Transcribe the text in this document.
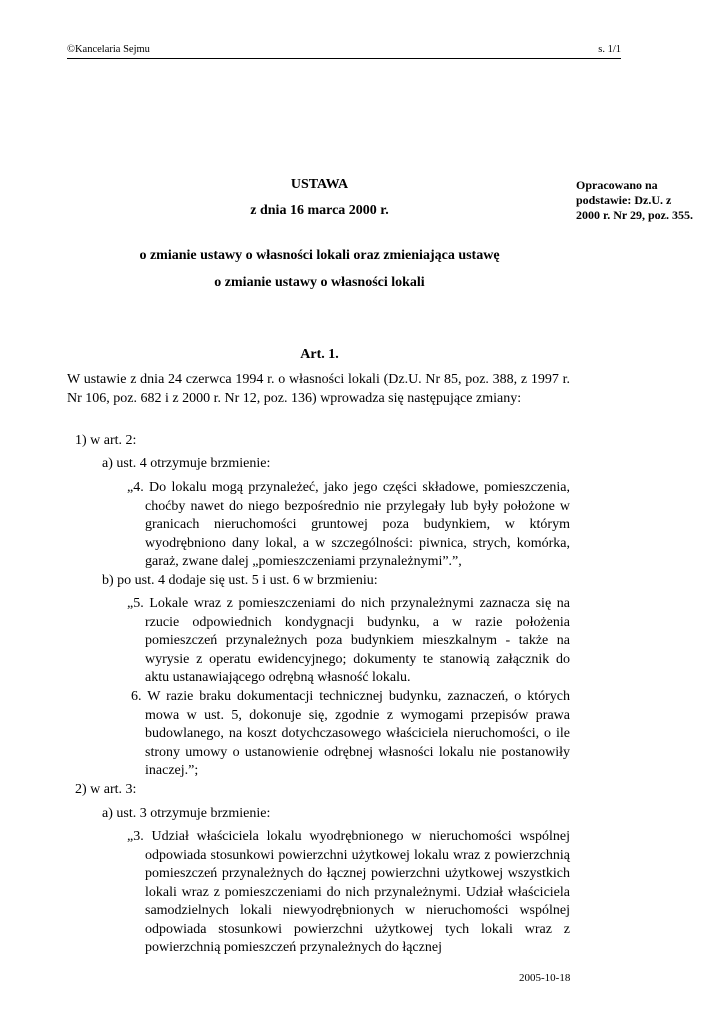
©Kancelaria Sejmu	s. 1/1
Opracowano na podstawie: Dz.U. z 2000 r. Nr 29, poz. 355.
USTAWA
z dnia 16 marca 2000 r.
o zmianie ustawy o własności lokali oraz zmieniająca ustawę
o zmianie ustawy o własności lokali
Art. 1.
W ustawie z dnia 24 czerwca 1994 r. o własności lokali (Dz.U. Nr 85, poz. 388, z 1997 r. Nr 106, poz. 682 i z 2000 r. Nr 12, poz. 136) wprowadza się następujące zmiany:
1) w art. 2:
a) ust. 4 otrzymuje brzmienie:
„4. Do lokalu mogą przynależeć, jako jego części składowe, pomieszczenia, choćby nawet do niego bezpośrednio nie przylegały lub były położone w granicach nieruchomości gruntowej poza budynkiem, w którym wyodrębniono dany lokal, a w szczególności: piwnica, strych, komórka, garaż, zwane dalej „pomieszczeniami przynależnymi”.”,
b) po ust. 4 dodaje się ust. 5 i ust. 6 w brzmieniu:
„5. Lokale wraz z pomieszczeniami do nich przynależnymi zaznacza się na rzucie odpowiednich kondygnacji budynku, a w razie położenia pomieszczeń przynależnych poza budynkiem mieszkalnym - także na wyrysie z operatu ewidencyjnego; dokumenty te stanowią załącznik do aktu ustanawiającego odrębną własność lokalu.
6. W razie braku dokumentacji technicznej budynku, zaznaczeń, o których mowa w ust. 5, dokonuje się, zgodnie z wymogami przepisów prawa budowlanego, na koszt dotychczasowego właściciela nieruchomości, o ile strony umowy o ustanowienie odrębnej własności lokalu nie postanowiły inaczej.”;
2) w art. 3:
a) ust. 3 otrzymuje brzmienie:
„3. Udział właściciela lokalu wyodrębnionego w nieruchomości wspólnej odpowiada stosunkowi powierzchni użytkowej lokalu wraz z powierzchnią pomieszczeń przynależnych do łącznej powierzchni użytkowej wszystkich lokali wraz z pomieszczeniami do nich przynależnymi. Udział właściciela samodzielnych lokali niewyodrębnionych w nieruchomości wspólnej odpowiada stosunkowi powierzchni użytkowej tych lokali wraz z powierzchnią pomieszczeń przynależnych do łącznej
2005-10-18
